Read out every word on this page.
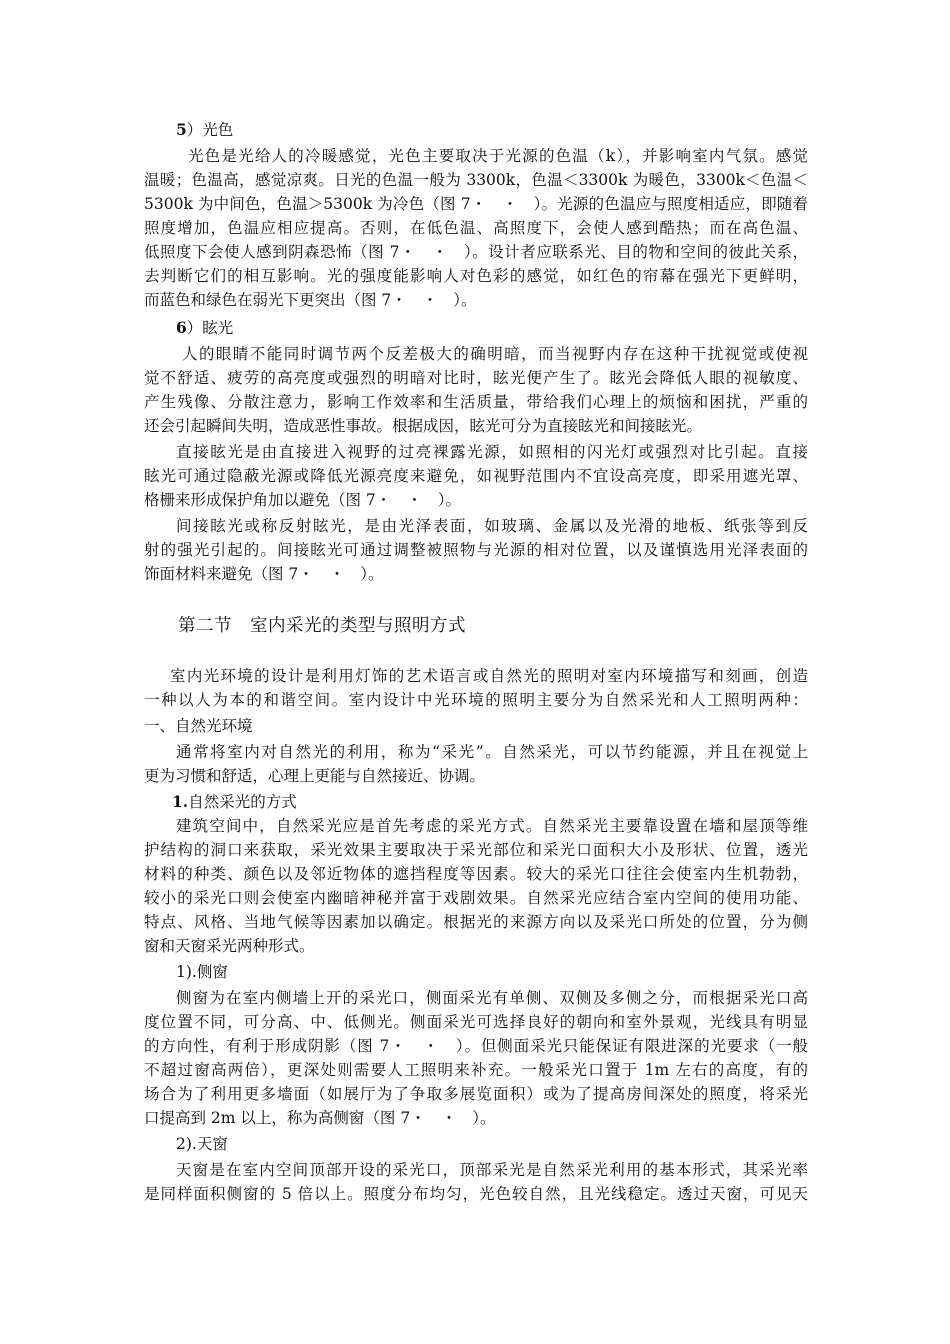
5）光色
光色是光给人的冷暖感觉，光色主要取决于光源的色温（k），并影响室内气氛。感觉
温暖；色温高，感觉凉爽。日光的色温一般为 3300k，色温＜3300k 为暖色，3300k＜色温＜
5300k 为中间色，色温＞5300k 为冷色（图 7・　・　）。光源的色温应与照度相适应，即随着
照度增加，色温应相应提高。否则，在低色温、高照度下，会使人感到酷热；而在高色温、
低照度下会使人感到阴森恐怖（图 7・　・　）。设计者应联系光、目的物和空间的彼此关系，
去判断它们的相互影响。光的强度能影响人对色彩的感觉，如红色的帘幕在强光下更鲜明，
而蓝色和绿色在弱光下更突出（图 7・　・　）。
6）眩光
人的眼睛不能同时调节两个反差极大的确明暗，而当视野内存在这种干扰视觉或使视
觉不舒适、疲劳的高亮度或强烈的明暗对比时，眩光便产生了。眩光会降低人眼的视敏度、
产生残像、分散注意力，影响工作效率和生活质量，带给我们心理上的烦恼和困扰，严重的
还会引起瞬间失明，造成恶性事故。根据成因，眩光可分为直接眩光和间接眩光。
直接眩光是由直接进入视野的过亮裸露光源，如照相的闪光灯或强烈对比引起。直接
眩光可通过隐蔽光源或降低光源亮度来避免，如视野范围内不宜设高亮度，即采用遮光罩、
格栅来形成保护角加以避免（图 7・　・　）。
间接眩光或称反射眩光，是由光泽表面，如玻璃、金属以及光滑的地板、纸张等到反
射的强光引起的。间接眩光可通过调整被照物与光源的相对位置，以及谨慎选用光泽表面的
饰面材料来避免（图 7・　・　）。
室内光环境的设计是利用灯饰的艺术语言或自然光的照明对室内环境描写和刻画，创造
一种以人为本的和谐空间。室内设计中光环境的照明主要分为自然采光和人工照明两种：
一、自然光环境
通常将室内对自然光的利用，称为“采光”。自然采光，可以节约能源，并且在视觉上
更为习惯和舒适，心理上更能与自然接近、协调。
1.自然采光的方式
建筑空间中，自然采光应是首先考虑的采光方式。自然采光主要靠设置在墙和屋顶等维
护结构的洞口来获取，采光效果主要取决于采光部位和采光口面积大小及形状、位置，透光
材料的种类、颜色以及邻近物体的遮挡程度等因素。较大的采光口往往会使室内生机勃勃，
较小的采光口则会使室内幽暗神秘并富于戏剧效果。自然采光应结合室内空间的使用功能、
特点、风格、当地气候等因素加以确定。根据光的来源方向以及采光口所处的位置，分为侧
窗和天窗采光两种形式。
1).侧窗
侧窗为在室内侧墙上开的采光口，侧面采光有单侧、双侧及多侧之分，而根据采光口高
度位置不同，可分高、中、低侧光。侧面采光可选择良好的朝向和室外景观，光线具有明显
的方向性，有利于形成阴影（图 7・　・　）。但侧面采光只能保证有限进深的光要求（一般
不超过窗高两倍），更深处则需要人工照明来补充。一般采光口置于 1m 左右的高度，有的
场合为了利用更多墙面（如展厅为了争取多展览面积）或为了提高房间深处的照度，将采光
口提高到 2m 以上，称为高侧窗（图 7・　・　）。
2).天窗
天窗是在室内空间顶部开设的采光口，顶部采光是自然采光利用的基本形式，其采光率
是同样面积侧窗的 5 倍以上。照度分布均匀，光色较自然，且光线稳定。透过天窗，可见天
第二节　室内采光的类型与照明方式
